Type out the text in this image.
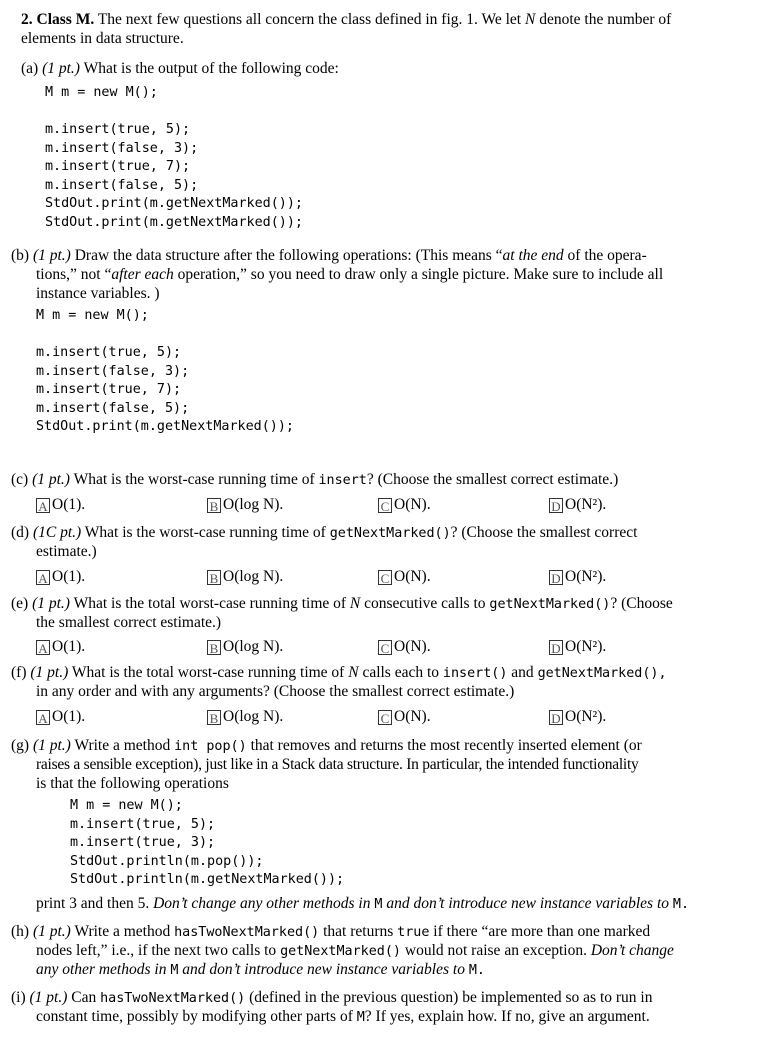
2. Class M. The next few questions all concern the class defined in fig. 1. We let N denote the number of
elements in data structure.
(a) (1 pt.) What is the output of the following code:
M m = new M();
m.insert(true, 5);
m.insert(false, 3);
m.insert(true, 7);
m.insert(false, 5);
StdOut.print(m.getNextMarked());
StdOut.print(m.getNextMarked());
(b) (1 pt.) Draw the data structure after the following operations: (This means “at the end of the opera-
tions,” not “after each operation,” so you need to draw only a single picture. Make sure to include all
instance variables. )
M m = new M();
m.insert(true, 5);
m.insert(false, 3);
m.insert(true, 7);
m.insert(false, 5);
StdOut.print(m.getNextMarked());
(c) (1 pt.) What is the worst-case running time of insert? (Choose the smallest correct estimate.)
A O(1).	B O(log N).	C O(N).	D O(N²).
(d) (1C pt.) What is the worst-case running time of getNextMarked()? (Choose the smallest correct
estimate.)
A O(1).	B O(log N).	C O(N).	D O(N²).
(e) (1 pt.) What is the total worst-case running time of N consecutive calls to getNextMarked()? (Choose
the smallest correct estimate.)
A O(1).	B O(log N).	C O(N).	D O(N²).
(f) (1 pt.) What is the total worst-case running time of N calls each to insert() and getNextMarked(),
in any order and with any arguments? (Choose the smallest correct estimate.)
A O(1).	B O(log N).	C O(N).	D O(N²).
(g) (1 pt.) Write a method int pop() that removes and returns the most recently inserted element (or
raises a sensible exception), just like in a Stack data structure. In particular, the intended functionality
is that the following operations
M m = new M();
m.insert(true, 5);
m.insert(true, 3);
StdOut.println(m.pop());
StdOut.println(m.getNextMarked());
print 3 and then 5. Don’t change any other methods in M and don’t introduce new instance variables to M.
(h) (1 pt.) Write a method hasTwoNextMarked() that returns true if there “are more than one marked
nodes left,” i.e., if the next two calls to getNextMarked() would not raise an exception. Don’t change
any other methods in M and don’t introduce new instance variables to M.
(i) (1 pt.) Can hasTwoNextMarked() (defined in the previous question) be implemented so as to run in
constant time, possibly by modifying other parts of M? If yes, explain how. If no, give an argument.
